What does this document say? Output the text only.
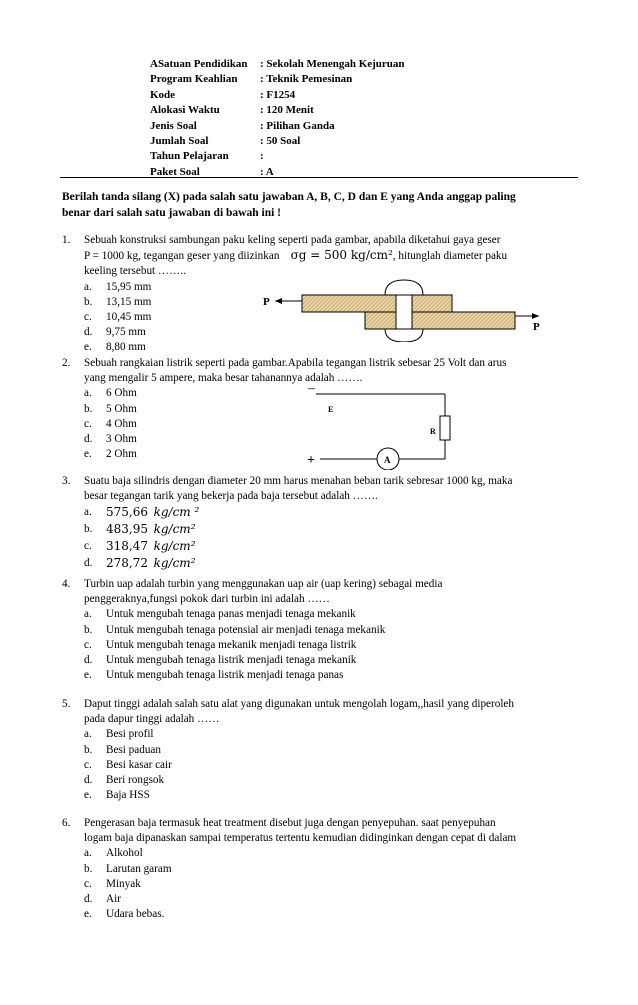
ASatuan Pendidikan	: Sekolah Menengah Kejuruan
Program Keahlian	: Teknik Pemesinan
Kode	: F1254
Alokasi Waktu	: 120 Menit
Jenis Soal	: Pilihan Ganda
Jumlah Soal	: 50 Soal
Tahun Pelajaran	:
Paket Soal	: A
Berilah tanda silang (X) pada salah satu jawaban A, B, C, D dan E yang Anda anggap paling
benar dari salah satu jawaban di bawah ini !
1.	Sebuah konstruksi sambungan paku keling seperti pada gambar, apabila diketahui gaya geser
P = 1000 kg, tegangan geser yang diizinkan σg = 500 kg/cm², hitunglah diameter paku
keeling tersebut ……..
a.	15,95 mm
b.	13,15 mm
c.	10,45 mm
d.	9,75 mm
e.	8,80 mm
P
P
2.	Sebuah rangkaian listrik seperti pada gambar.Apabila tegangan listrik sebesar 25 Volt dan arus
yang mengalir 5 ampere, maka besar tahanannya adalah …….
a.	6 Ohm
b.	5 Ohm
c.	4 Ohm
d.	3 Ohm
e.	2 Ohm
–
E
R
A
+
3.	Suatu baja silindris dengan diameter 20 mm harus menahan beban tarik sebresar 1000 kg, maka
besar tegangan tarik yang bekerja pada baja tersebut adalah …….
a.	575,66
kg/cm ²
b.	483,95
kg/cm²
c.	318,47
kg/cm²
d.	278,72
kg/cm²
4.	Turbin uap adalah turbin yang menggunakan uap air (uap kering) sebagai media
penggeraknya,fungsi pokok dari turbin ini adalah ……
a.	Untuk mengubah tenaga panas menjadi tenaga mekanik
b.	Untuk mengubah tenaga potensial air menjadi tenaga mekanik
c.	Untuk mengubah tenaga mekanik menjadi tenaga listrik
d.	Untuk mengubah tenaga listrik menjadi tenaga mekanik
e.	Untuk mengubah tenaga listrik menjadi tenaga panas
5.	Daput tinggi adalah salah satu alat yang digunakan untuk mengolah logam,,hasil yang diperoleh
pada dapur tinggi adalah ……
a.	Besi profil
b.	Besi paduan
c.	Besi kasar cair
d.	Beri rongsok
e.	Baja HSS
6.	Pengerasan baja termasuk heat treatment disebut juga dengan penyepuhan. saat penyepuhan
logam baja dipanaskan sampai temperatus tertentu kemudian didinginkan dengan cepat di dalam
a.	Alkohol
b.	Larutan garam
c.	Minyak
d.	Air
e.	Udara bebas.
